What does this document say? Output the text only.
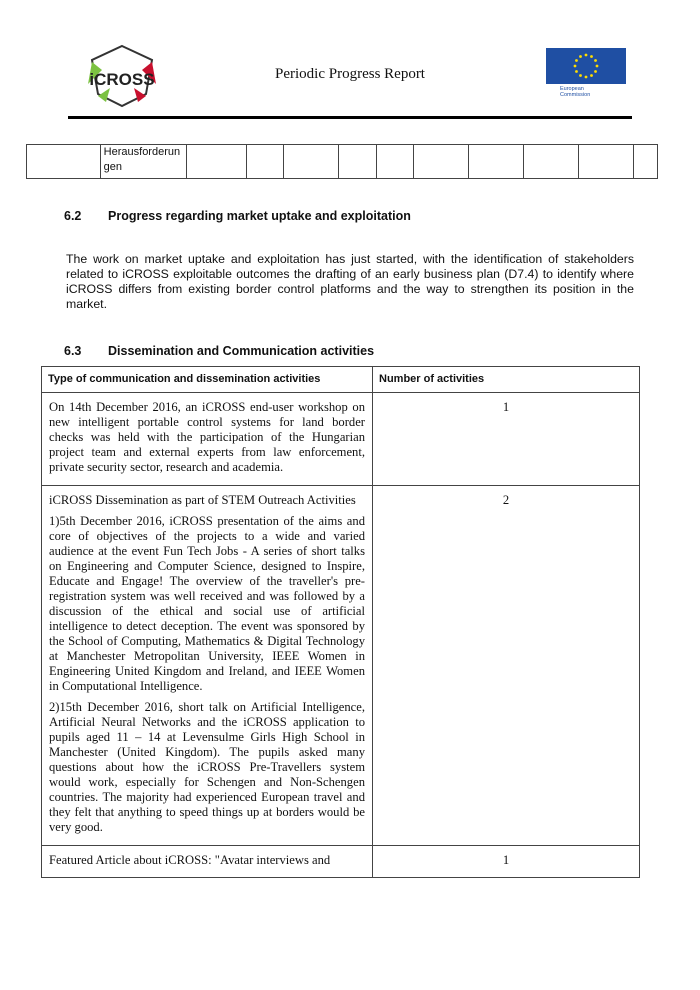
iCROSS	Periodic Progress Report
European
Commission
	Herausforderungen										
6.2 Progress regarding market uptake and exploitation

The work on market uptake and exploitation has just started, with the identification of stakeholders related to iCROSS exploitable outcomes the drafting of an early business plan (D7.4) to identify where iCROSS differs from existing border control platforms and the way to strengthen its position in the market.

6.3 Dissemination and Communication activities
Type of communication and dissemination activities	Number of activities

On 14th December 2016, an iCROSS end-user workshop on new intelligent portable control systems for land border checks was held with the participation of the Hungarian project team and external experts from law enforcement, private security sector, research and academia.	1

iCROSS Dissemination as part of STEM Outreach Activities

1)5th December 2016, iCROSS presentation of the aims and core of objectives of the projects to a wide and varied audience at the event Fun Tech Jobs - A series of short talks on Engineering and Computer Science, designed to Inspire, Educate and Engage! The overview of the traveller's pre-registration system was well received and was followed by a discussion of the ethical and social use of artificial intelligence to detect deception. The event was sponsored by the School of Computing, Mathematics & Digital Technology at Manchester Metropolitan University, IEEE Women in Engineering United Kingdom and Ireland, and IEEE Women in Computational Intelligence.

2)15th December 2016, short talk on Artificial Intelligence, Artificial Neural Networks and the iCROSS application to pupils aged 11 – 14 at Levensulme Girls High School in Manchester (United Kingdom). The pupils asked many questions about how the iCROSS Pre-Travellers system would work, especially for Schengen and Non-Schengen countries. The majority had experienced European travel and they felt that anything to speed things up at borders would be very good.	2

Featured Article about iCROSS: "Avatar interviews and	1
